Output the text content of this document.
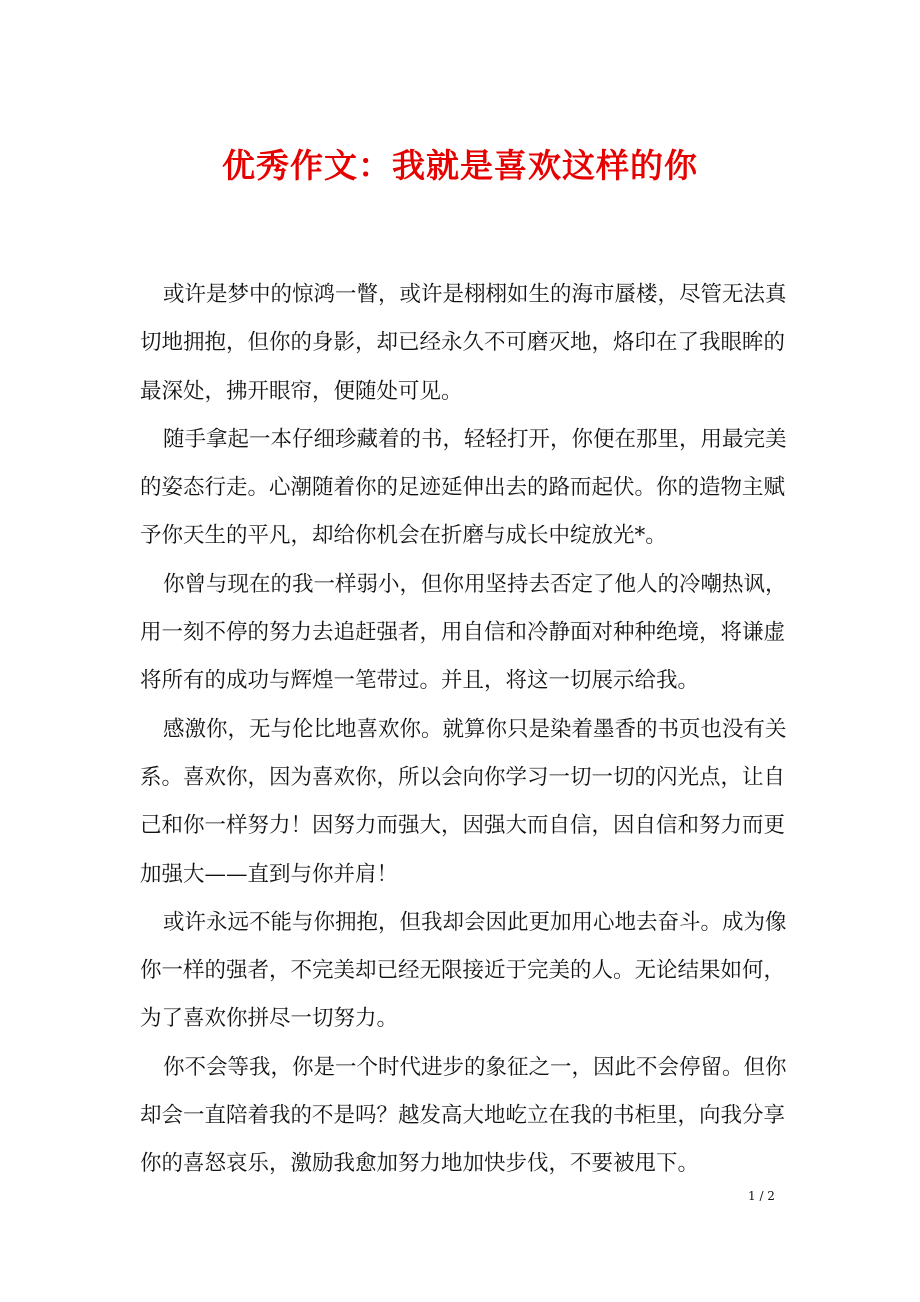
优秀作文：我就是喜欢这样的你
或许是梦中的惊鸿一瞥，或许是栩栩如生的海市蜃楼，尽管无法真
切地拥抱，但你的身影，却已经永久不可磨灭地，烙印在了我眼眸的
最深处，拂开眼帘，便随处可见。
随手拿起一本仔细珍藏着的书，轻轻打开，你便在那里，用最完美
的姿态行走。心潮随着你的足迹延伸出去的路而起伏。你的造物主赋
予你天生的平凡，却给你机会在折磨与成长中绽放光*。
你曾与现在的我一样弱小，但你用坚持去否定了他人的冷嘲热讽，
用一刻不停的努力去追赶强者，用自信和冷静面对种种绝境，将谦虚
将所有的成功与辉煌一笔带过。并且，将这一切展示给我。
感激你，无与伦比地喜欢你。就算你只是染着墨香的书页也没有关
系。喜欢你，因为喜欢你，所以会向你学习一切一切的闪光点，让自
己和你一样努力！因努力而强大，因强大而自信，因自信和努力而更
加强大——直到与你并肩！
或许永远不能与你拥抱，但我却会因此更加用心地去奋斗。成为像
你一样的强者，不完美却已经无限接近于完美的人。无论结果如何，
为了喜欢你拼尽一切努力。
你不会等我，你是一个时代进步的象征之一，因此不会停留。但你
却会一直陪着我的不是吗？越发高大地屹立在我的书柜里，向我分享
你的喜怒哀乐，激励我愈加努力地加快步伐，不要被甩下。
1 / 2
